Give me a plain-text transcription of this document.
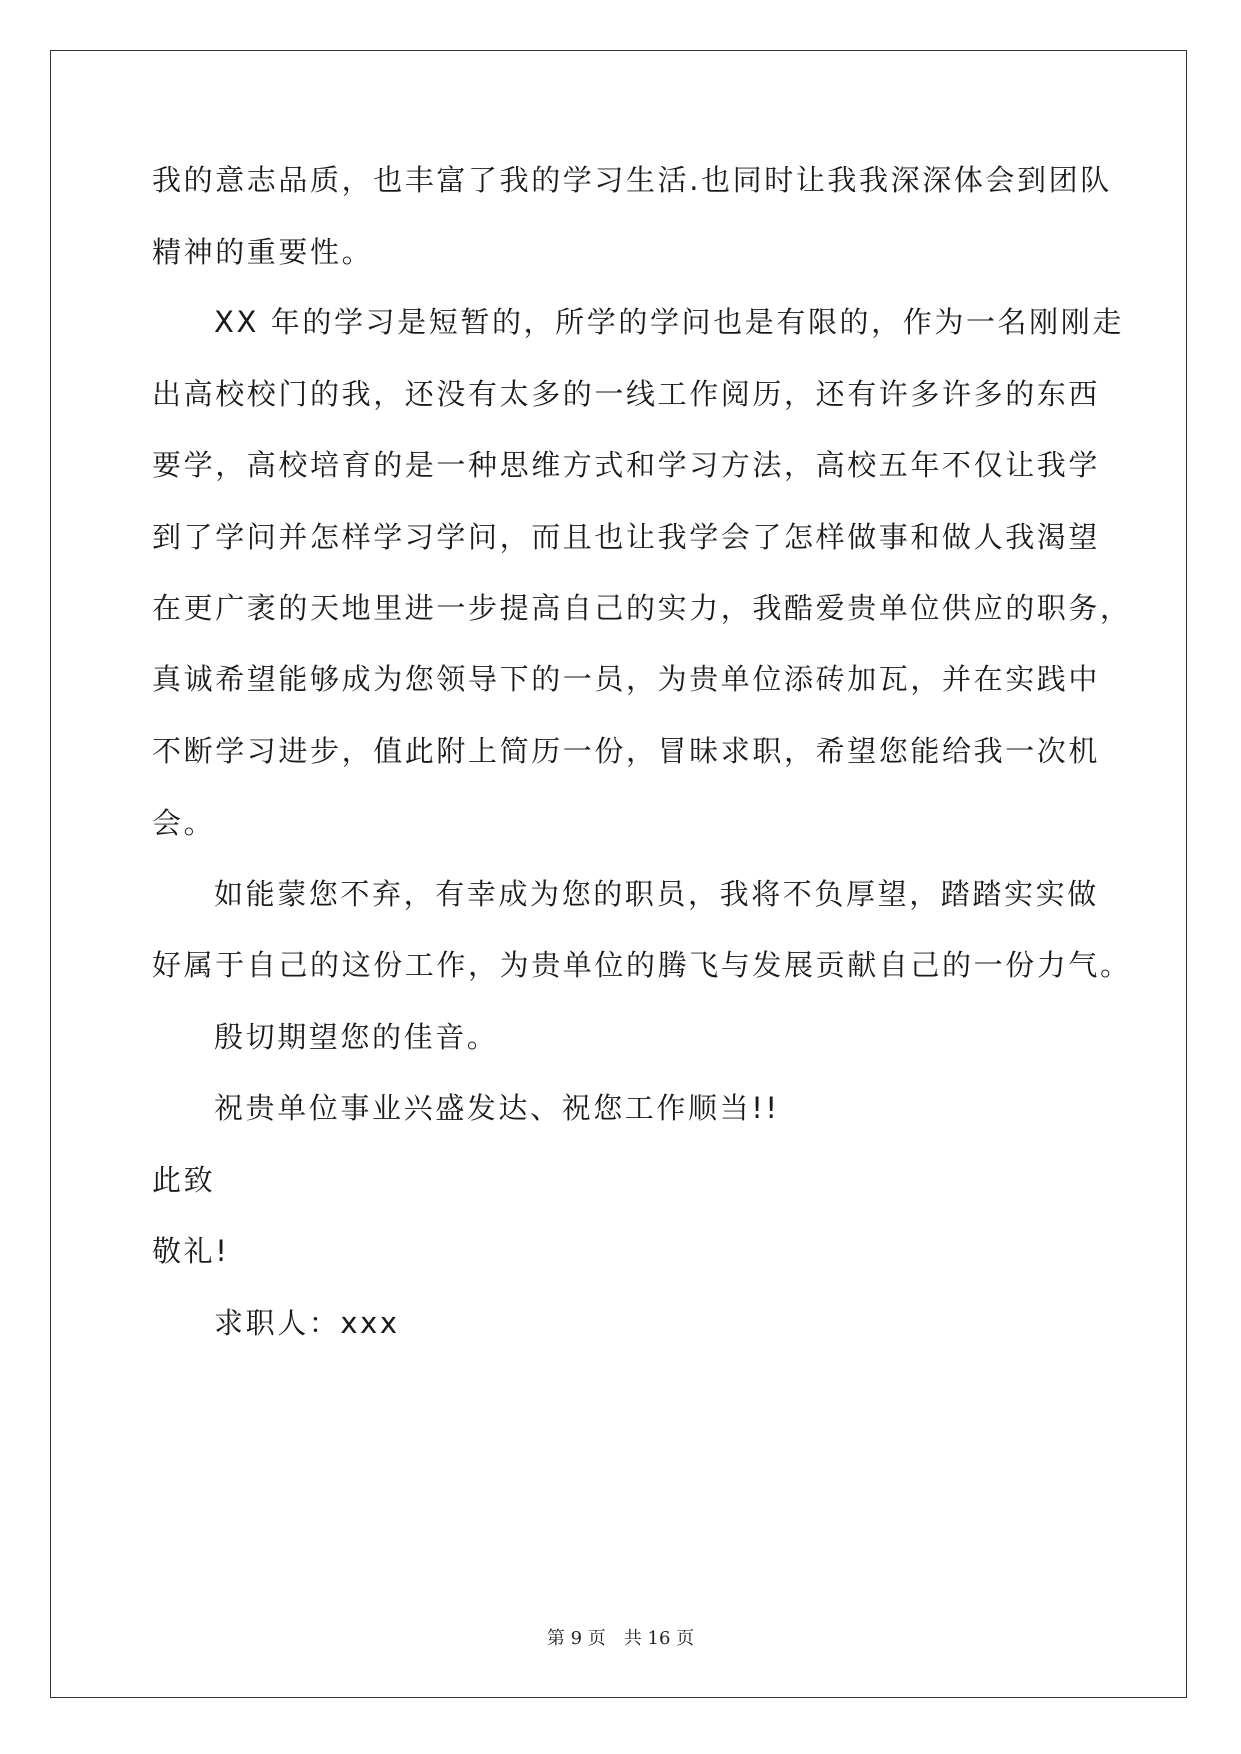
我的意志品质，也丰富了我的学习生活.也同时让我我深深体会到团队
精神的重要性。
XX 年的学习是短暂的，所学的学问也是有限的，作为一名刚刚走
出高校校门的我，还没有太多的一线工作阅历，还有许多许多的东西
要学，高校培育的是一种思维方式和学习方法，高校五年不仅让我学
到了学问并怎样学习学问，而且也让我学会了怎样做事和做人我渴望
在更广袤的天地里进一步提高自己的实力，我酷爱贵单位供应的职务，
真诚希望能够成为您领导下的一员，为贵单位添砖加瓦，并在实践中
不断学习进步，值此附上简历一份，冒昧求职，希望您能给我一次机
会。
如能蒙您不弃，有幸成为您的职员，我将不负厚望，踏踏实实做
好属于自己的这份工作，为贵单位的腾飞与发展贡献自己的一份力气。
殷切期望您的佳音。
祝贵单位事业兴盛发达、祝您工作顺当!!
此致
敬礼!
求职人：xxx
第 9 页　共 16 页
